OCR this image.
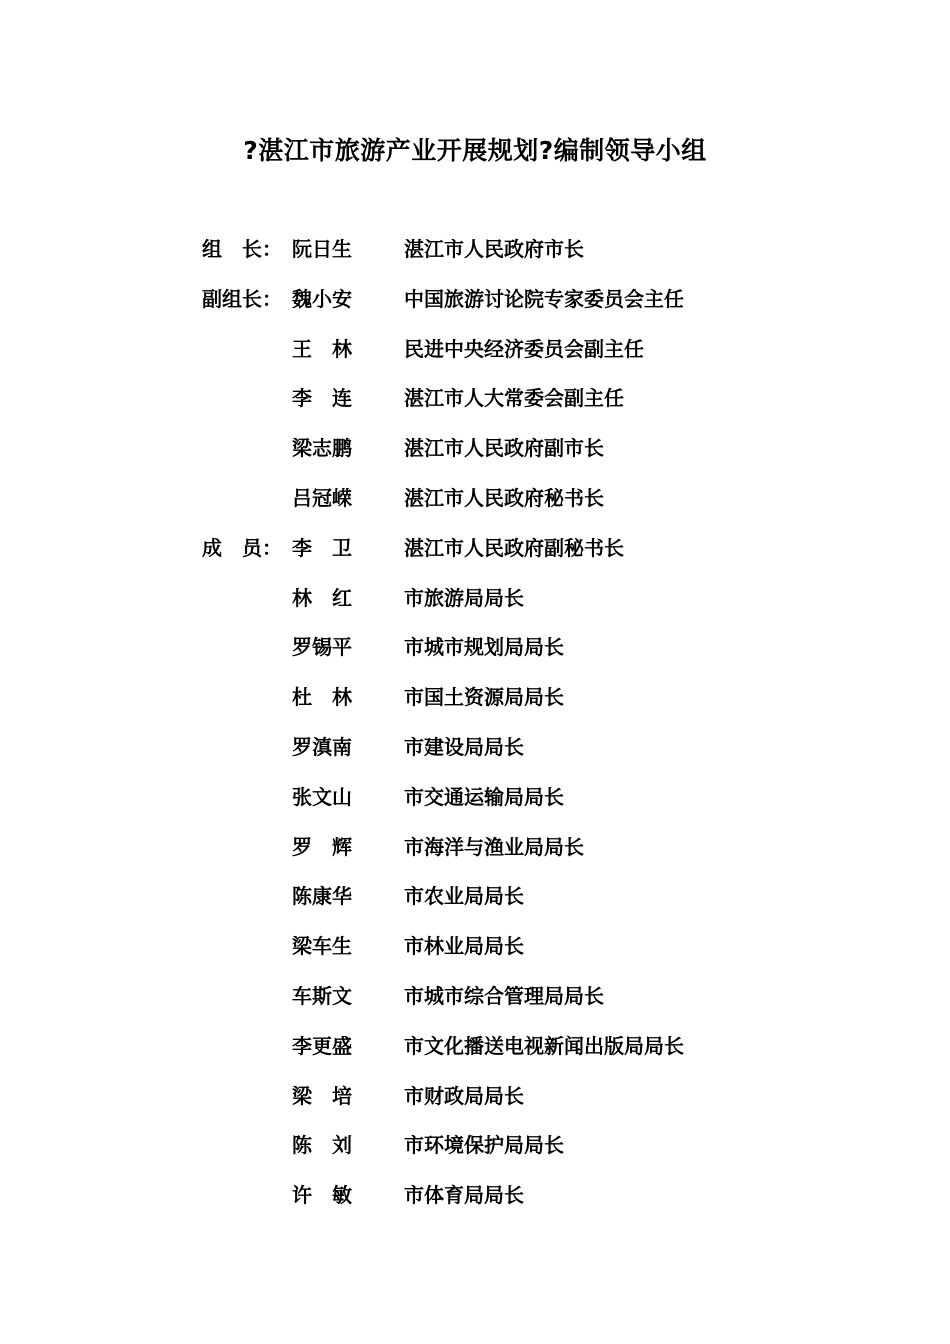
?湛江市旅游产业开展规划?编制领导小组
组　长： 阮日生	湛江市人民政府市长
副组长： 魏小安	中国旅游讨论院专家委员会主任
王　林	民进中央经济委员会副主任
李　连	湛江市人大常委会副主任
梁志鹏	湛江市人民政府副市长
吕冠嵘	湛江市人民政府秘书长
成　员： 李　卫	湛江市人民政府副秘书长
林　红	市旅游局局长
罗锡平	市城市规划局局长
杜　林	市国土资源局局长
罗滇南	市建设局局长
张文山	市交通运输局局长
罗　辉	市海洋与渔业局局长
陈康华	市农业局局长
梁车生	市林业局局长
车斯文	市城市综合管理局局长
李更盛	市文化播送电视新闻出版局局长
梁　培	市财政局局长
陈　刘	市环境保护局局长
许　敏	市体育局局长
